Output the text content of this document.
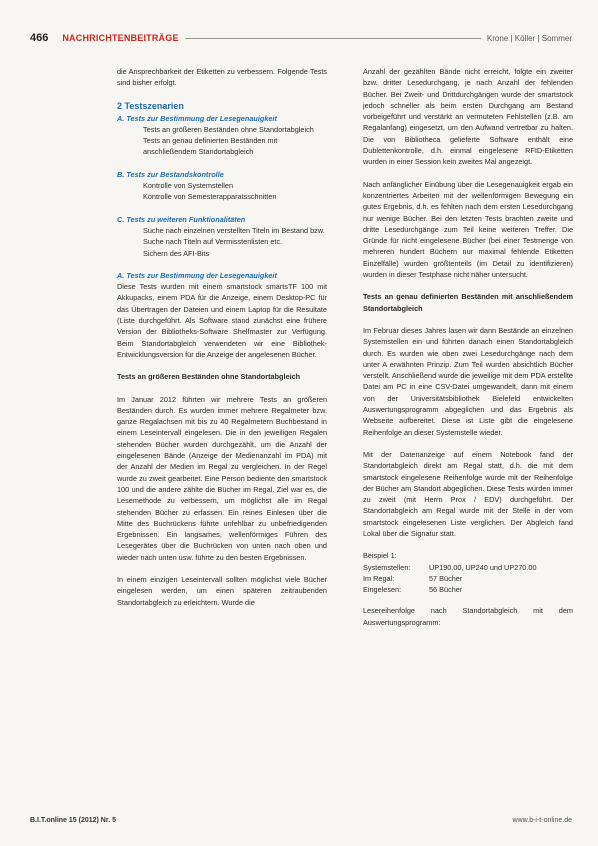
466 NACHRICHTENBEITRÄGE	Krone | Köller | Sommer

die Ansprechbarkeit der Etiketten zu verbessern. Folgende Tests sind bisher erfolgt.

2 Testszenarien
A. Tests zur Bestimmung der Lesegenauigkeit
Tests an größeren Beständen ohne Standortabgleich
Tests an genau definierten Beständen mit anschließendem Standortabgleich
B. Tests zur Bestandskontrolle
Kontrolle von Systemstellen
Kontrolle von Semesterapparatsschnitten
C. Tests zu weiteren Funktionalitäten
Suche nach einzelnen verstellten Titeln im Bestand bzw. Suche nach Titeln auf Vermisstenlisten etc.
Sichern des AFI-Bits
A. Tests zur Bestimmung der Lesegenauigkeit

Diese Tests wurden mit einem smartstock smartsTF 100 mit Akkupacks, einem PDA für die Anzeige, einem Desktop-PC für das Übertragen der Dateien und einem Laptop für die Resultate (Liste durchgeführt. Als Software stand zunächst eine frühere Version der Bibliotheks-Software Shelfmaster zur Verfügung. Beim Standortabgleich verwendeten wir eine Bibliothek-Entwicklungsversion für die Anzeige der angelesenen Bücher.

Tests an größeren Beständen ohne Standortabgleich

Im Januar 2012 führten wir mehrere Tests an größeren Beständen durch. Es wurden immer mehrere Regalmeter bzw. ganze Regalachsen mit bis zu 40 Regalmetern Buchbestand in einem Leseintervall eingelesen. Die in den jeweiligen Regalen stehenden Bücher wurden durchgezählt, um die Anzahl der eingelesenen Bände (Anzeige der Medienanzahl im PDA) mit der Anzahl der Medien im Regal zu vergleichen. In der Regel wurde zu zweit gearbeitet. Eine Person bediente den smartstock 100 und die andere zählte die Bücher im Regal. Ziel war es, die Lesemethode zu verbessern, um möglichst alle im Regal stehenden Bücher zu erfassen. Ein reines Einlesen über die Mitte des Buchrückens führte unfehlbar zu unbefriedigenden Ergebnissen. Ein langsames, wellenförmiges Führen des Lesegerätes über die Buchrücken von unten nach oben und wieder nach unten usw. führte zu den besten Ergebnissen.

In einem einzigen Leseintervall sollten möglichst viele Bücher eingelesen werden, um einen späteren zeitraubenden Standortabgleich zu erleichtern. Wurde die

Anzahl der gezählten Bände nicht erreicht, folgte ein zweiter bzw. dritter Lesedurchgang, je nach Anzahl der fehlenden Bücher. Bei Zweit- und Drittdurchgängen wurde der smartstock jedoch schneller als beim ersten Durchgang am Bestand vorbeigeführt und verstärkt an vermuteten Fehlstellen (z.B. am Regalanfang) eingesetzt, um den Aufwand vertretbar zu halten. Die von Bibliotheca gelieferte Software enthält eine Dublettenkontrolle, d.h. einmal eingelesene RFID-Etiketten wurden in einer Session kein zweites Mal angezeigt.

Nach anfänglicher Einübung über die Lesegenauigkeit ergab ein konzentriertes Arbeiten mit der wellenförmigen Bewegung ein gutes Ergebnis, d.h. es fehlten nach dem ersten Lesedurchgang nur wenige Bücher. Bei den letzten Tests brachten zweite und dritte Lesedurchgänge zum Teil keine weiteren Treffer. Die Gründe für nicht eingelesene Bücher (bei einer Testmenge von mehreren hundert Büchern nur maximal fehlende Etiketten Einzelfälle) wurden größtenteils (im Detail zu identifizieren) wurden in dieser Testphase nicht näher untersucht.

Tests an genau definierten Beständen mit anschließendem Standortabgleich

Im Februar dieses Jahres lasen wir dann Bestände an einzelnen Systemstellen ein und führten danach einen Standortabgleich durch. Es wurden wie oben zwei Lesedurchgänge nach dem unter A erwähnten Prinzip. Zum Teil wurden absichtlich Bücher verstellt. Anschließend wurde die jeweilige mit dem PDA erstellte Datei am PC in eine CSV-Datei umgewandelt, dann mit einem von der Universitätsbibliothek Bielefeld entwickelten Auswertungsprogramm abgeglichen und das Ergebnis als Webseite aufbereitet. Diese ist Liste gibt die eingelesene Reihenfolge an dieser Systemstelle wieder.

Mit der Datenanzeige auf einem Notebook fand der Standortabgleich direkt am Regal statt, d.h. die mit dem smartstock eingelesene Reihenfolge wurde mit der Reihenfolge der Bücher am Standort abgeglichen. Diese Tests wurden immer zu zweit (mit Herrn Prox / EDV) durchgeführt. Der Standortabgleich am Regal wurde mit der Stelle in der vom smartstock eingelesenen Liste verglichen. Der Abgleich fand Lokal über die Signatur statt.

Beispiel 1:

Systemstellen:	UP190.00, UP240 und UP270.00
Im Regal:	57 Bücher
Eingelesen:	56 Bücher

Lesereihenfolge nach Standortabgleich mit dem Auswertungsprogramm:

B.I.T.online 15 (2012) Nr. 5	www.b-i-t-online.de
